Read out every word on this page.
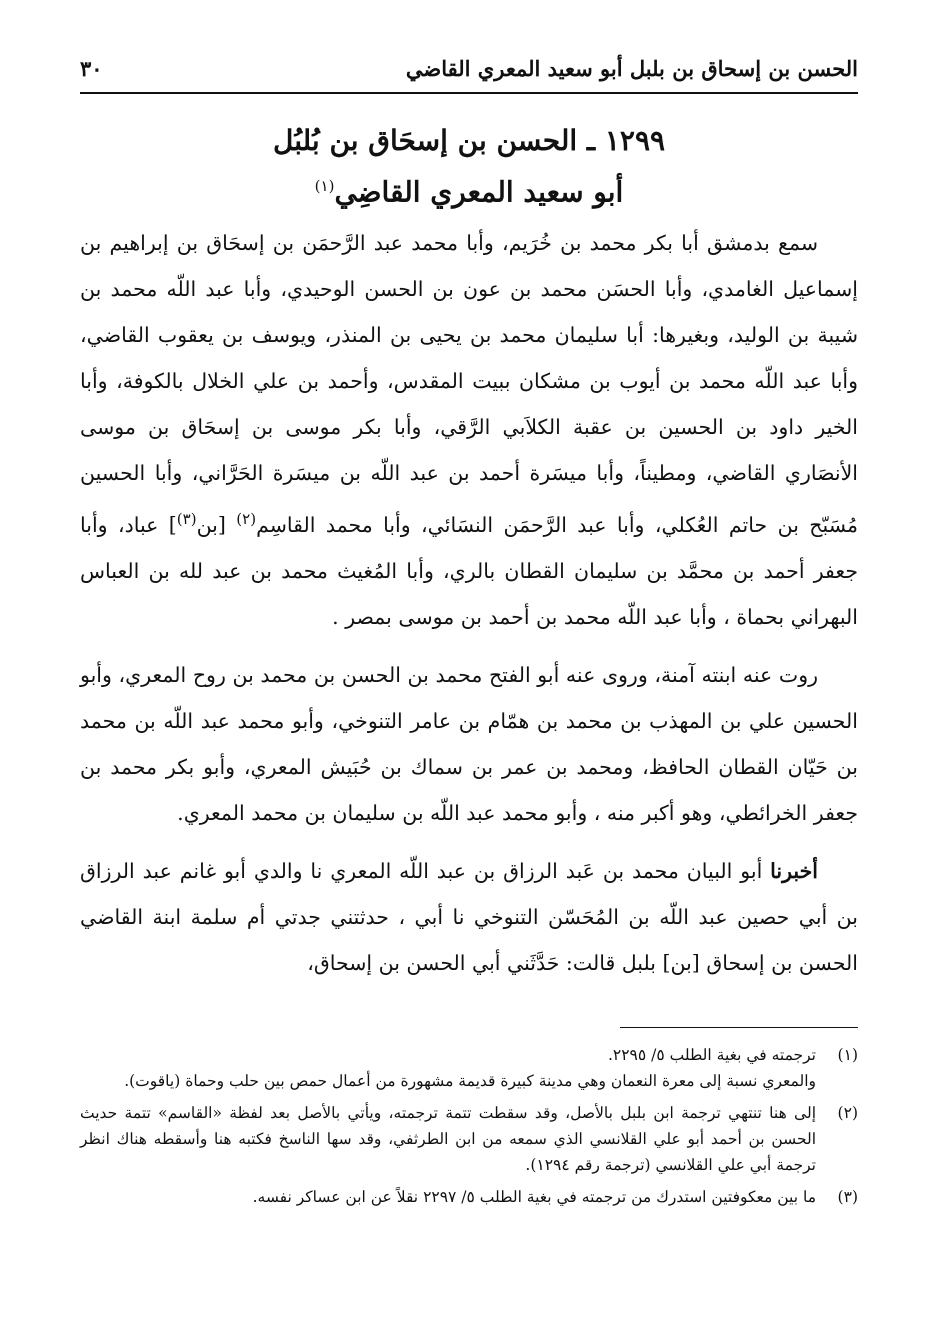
الحسن بن إسحاق بن بلبل أبو سعيد المعري القاضي
٣٠
١٢٩٩ ـ الحسن بن إسحَاق بن بُلبُل
أبو سعيد المعري القاضِي$^{(١)}$

سمع بدمشق أبا بكر محمد بن خُرَيم، وأبا محمد عبد الرَّحمَن بن إسحَاق بن إبراهيم بن إسماعيل الغامدي، وأبا الحسَن محمد بن عون بن الحسن الوحيدي، وأبا عبد اللّه محمد بن شيبة بن الوليد، وبغيرها: أبا سليمان محمد بن يحيى بن المنذر، ويوسف بن يعقوب القاضي، وأبا عبد اللّه محمد بن أيوب بن مشكان ببيت المقدس، وأحمد بن علي الخلال بالكوفة، وأبا الخير داود بن الحسين بن عقبة الكلاَبي الرَّقي، وأبا بكر موسى بن إسحَاق بن موسى الأنصَاري القاضي، ومطيناً، وأبا ميسَرة أحمد بن عبد اللّه بن ميسَرة الحَرَّاني، وأبا الحسين مُسَبّح بن حاتم العُكلي، وأبا عبد الرَّحمَن النسَائي، وأبا محمد القاسِم$^{(٢)}$ [بن$^{(٣)}$] عباد، وأبا جعفر أحمد بن محمَّد بن سليمان القطان بالري، وأبا المُغيث محمد بن عبد لله بن العباس البهراني بحماة ، وأبا عبد اللّه محمد بن أحمد بن موسى بمصر .

روت عنه ابنته آمنة، وروى عنه أبو الفتح محمد بن الحسن بن محمد بن روح المعري، وأبو الحسين علي بن المهذب بن محمد بن همّام بن عامر التنوخي، وأبو محمد عبد اللّه بن محمد بن حَيّان القطان الحافظ، ومحمد بن عمر بن سماك بن حُبَيش المعري، وأبو بكر محمد بن جعفر الخرائطي، وهو أكبر منه ، وأبو محمد عبد اللّه بن سليمان بن محمد المعري.

أخبرنا أبو البيان محمد بن عَبد الرزاق بن عبد اللّه المعري نا والدي أبو غانم عبد الرزاق بن أبي حصين عبد اللّه بن المُحَسّن التنوخي نا أبي ، حدثتني جدتي أم سلمة ابنة القاضي الحسن بن إسحاق [بن] بلبل قالت: حَدَّثَني أبي الحسن بن إسحاق،

(١)
ترجمته في بغية الطلب ٥/ ٢٢٩٥.
والمعري نسبة إلى معرة النعمان وهي مدينة كبيرة قديمة مشهورة من أعمال حمص بين حلب وحماة (ياقوت).
(٢)
إلى هنا تنتهي ترجمة ابن بلبل بالأصل، وقد سقطت تتمة ترجمته، ويأتي بالأصل بعد لفظة «القاسم» تتمة حديث الحسن بن أحمد أبو علي القلانسي الذي سمعه من ابن الطرثفي، وقد سها الناسخ فكتبه هنا وأسقطه هناك انظر ترجمة أبي علي القلانسي (ترجمة رقم ١٢٩٤).
(٣)
ما بين معكوفتين استدرك من ترجمته في بغية الطلب ٥/ ٢٢٩٧ نقلاً عن ابن عساكر نفسه.
